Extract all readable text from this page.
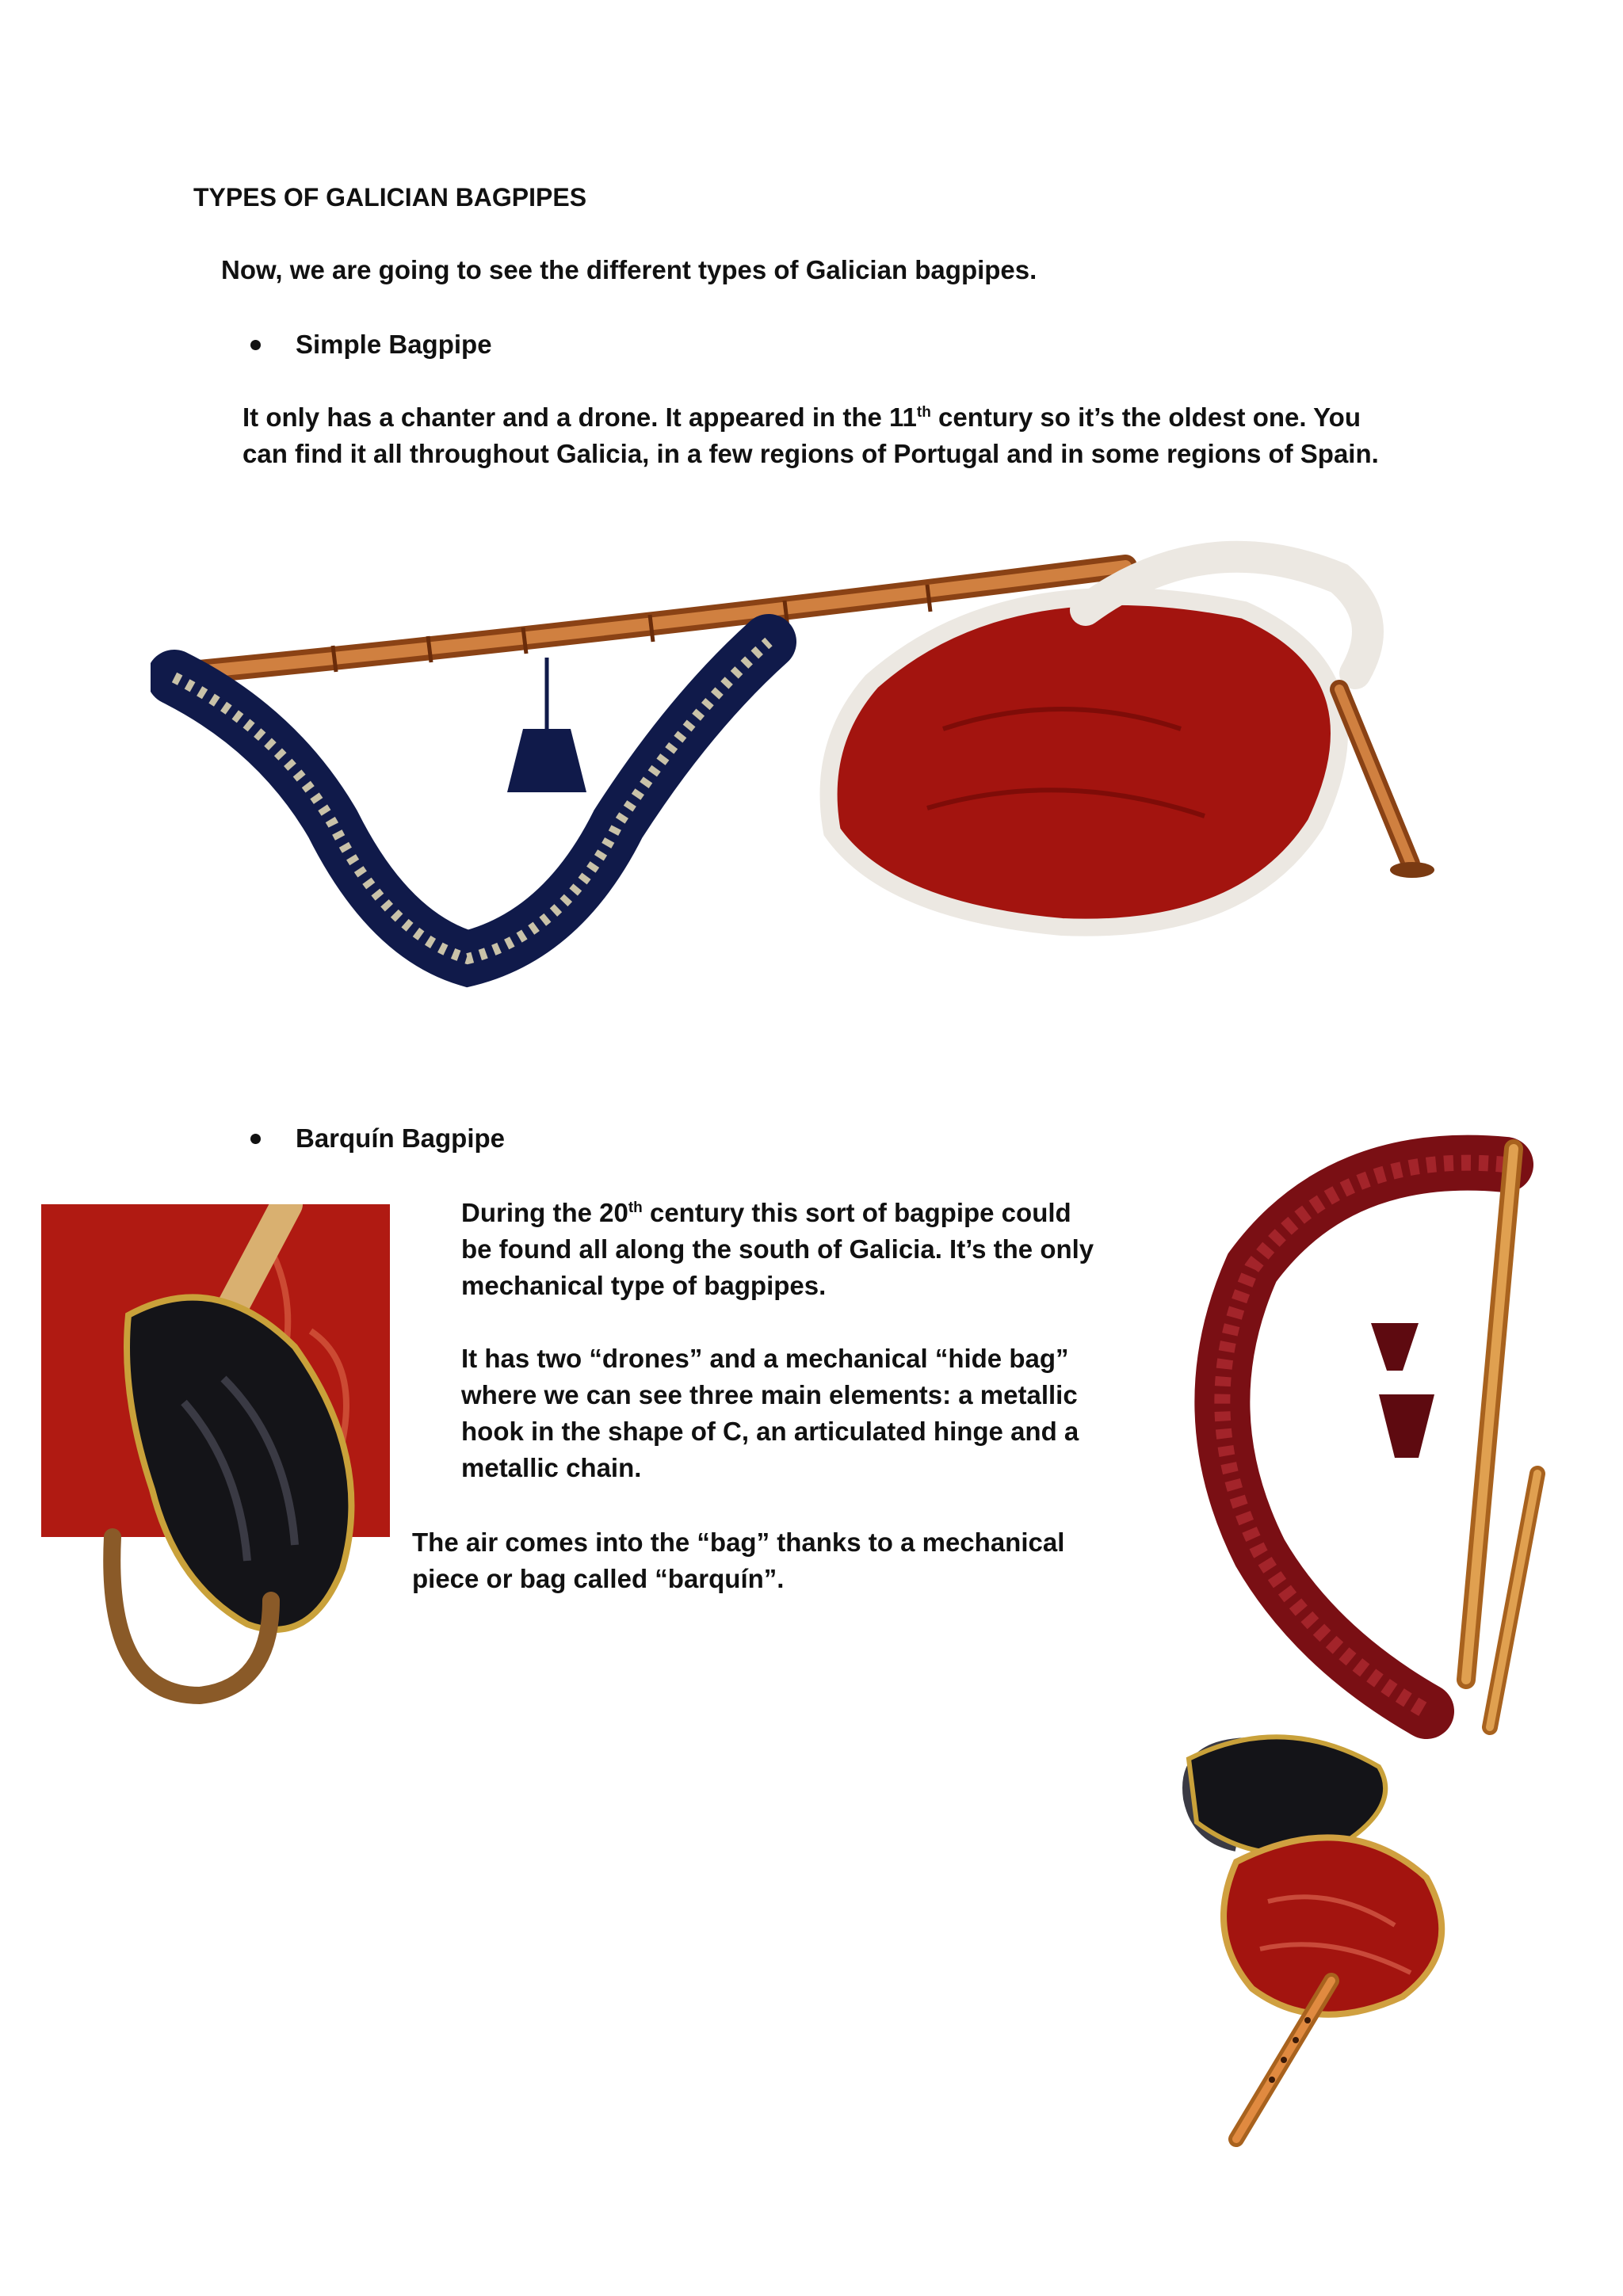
TYPES OF GALICIAN BAGPIPES

Now, we are going to see the different types of Galician bagpipes.

Simple Bagpipe

It only has a chanter and a drone. It appeared in the 11th century so it’s the oldest one. You

can find it all throughout Galicia, in a few regions of Portugal and in some regions of Spain.

Barquín Bagpipe

During the 20th century this sort of bagpipe could

be found all along the south of Galicia. It’s the only

mechanical type of bagpipes.

It has two “drones” and a mechanical “hide bag”

where we can see three main elements: a metallic

hook in the shape of C, an articulated hinge and a

metallic chain.

The air comes into the “bag” thanks to a mechanical

piece or bag called “barquín”.
